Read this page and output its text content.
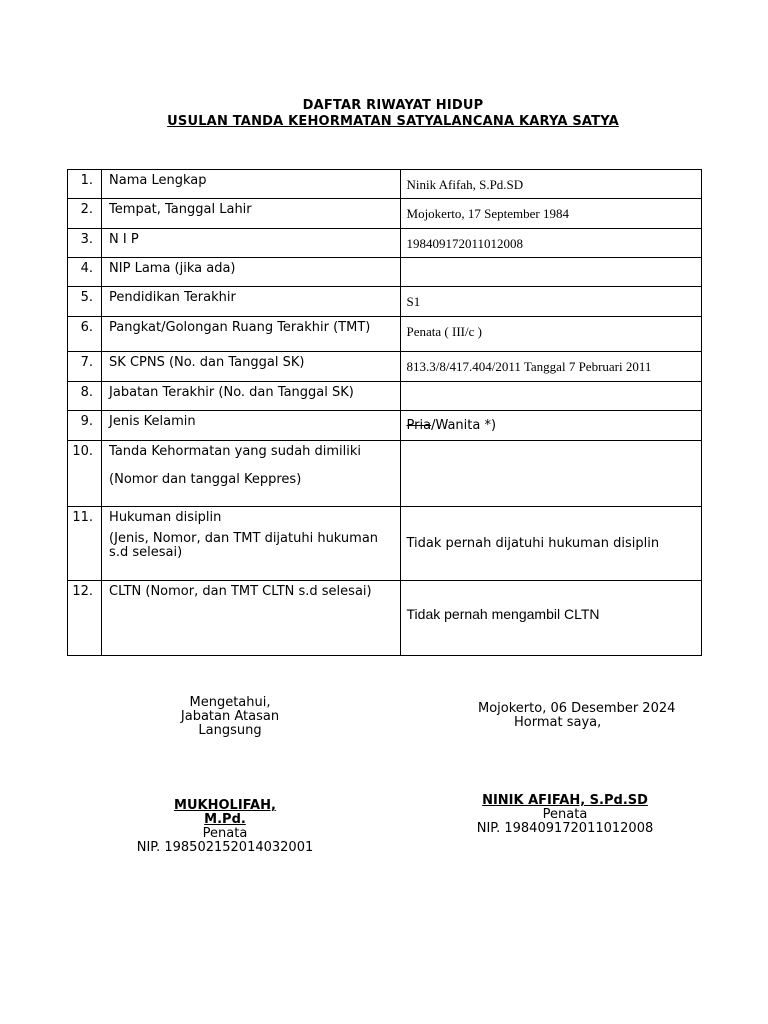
DAFTAR RIWAYAT HIDUP
USULAN TANDA KEHORMATAN SATYALANCANA KARYA SATYA
1.	Nama Lengkap	Ninik Afifah, S.Pd.SD

2.	Tempat, Tanggal Lahir	Mojokerto, 17 September 1984

3.	N I P	198409172011012008

4.	NIP Lama (jika ada)	

5.	Pendidikan Terakhir	S1

6.	Pangkat/Golongan Ruang Terakhir (TMT)	Penata ( III/c )

7.	SK CPNS (No. dan Tanggal SK)	813.3/8/417.404/2011 Tanggal 7 Pebruari 2011

8.	Jabatan Terakhir (No. dan Tanggal SK)	

9.	Jenis Kelamin	Pria/Wanita *)

10.	Tanda Kehormatan yang sudah dimiliki
(Nomor dan tanggal Keppres)	

11.	Hukuman disiplin
(Jenis, Nomor, dan TMT dijatuhi hukuman s.d selesai)	Tidak pernah dijatuhi hukuman disiplin

12.	CLTN (Nomor, dan TMT CLTN s.d selesai)	Tidak pernah mengambil CLTN
Mengetahui,
Jabatan Atasan
Langsung
MUKHOLIFAH,
M.Pd.
Penata
NIP. 198502152014032001
Mojokerto, 06 Desember 2024
Hormat saya,
NINIK AFIFAH, S.Pd.SD
Penata
NIP. 198409172011012008
